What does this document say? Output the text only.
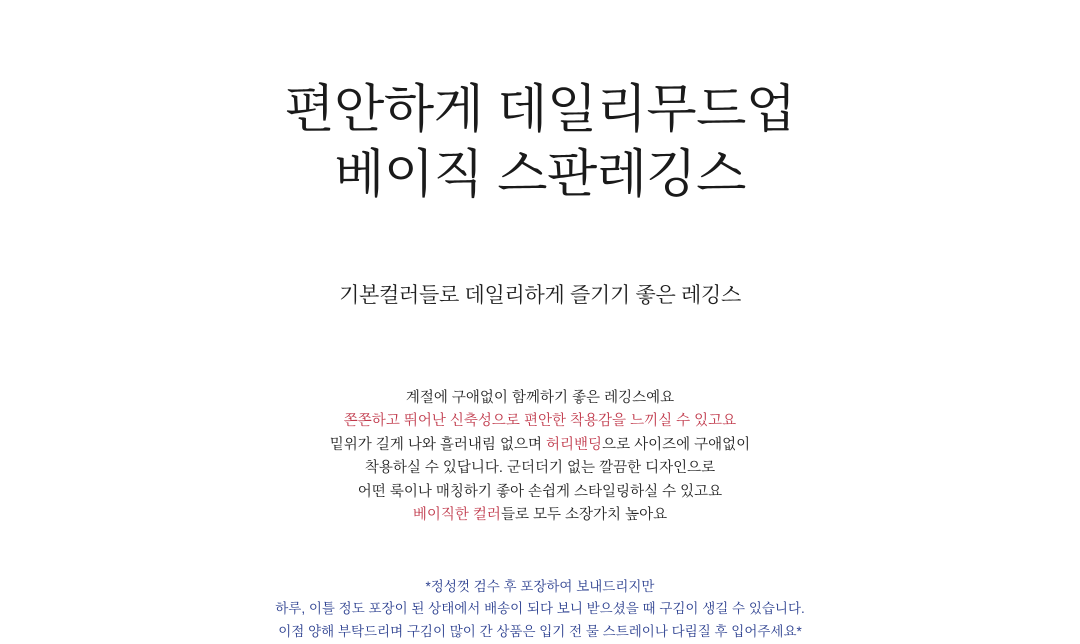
편안하게 데일리무드업
베이직 스판레깅스
기본컬러들로 데일리하게 즐기기 좋은 레깅스
계절에 구애없이 함께하기 좋은 레깅스예요
쫀쫀하고 뛰어난 신축성으로 편안한 착용감을 느끼실 수 있고요
밑위가 길게 나와 흘러내림 없으며 허리밴딩으로 사이즈에 구애없이
착용하실 수 있답니다. 군더더기 없는 깔끔한 디자인으로
어떤 룩이나 매칭하기 좋아 손쉽게 스타일링하실 수 있고요
베이직한 컬러들로 모두 소장가치 높아요
*정성껏 검수 후 포장하여 보내드리지만
하루, 이틀 정도 포장이 된 상태에서 배송이 되다 보니 받으셨을 때 구김이 생길 수 있습니다.
이점 양해 부탁드리며 구김이 많이 간 상품은 입기 전 물 스트레이나 다림질 후 입어주세요*
